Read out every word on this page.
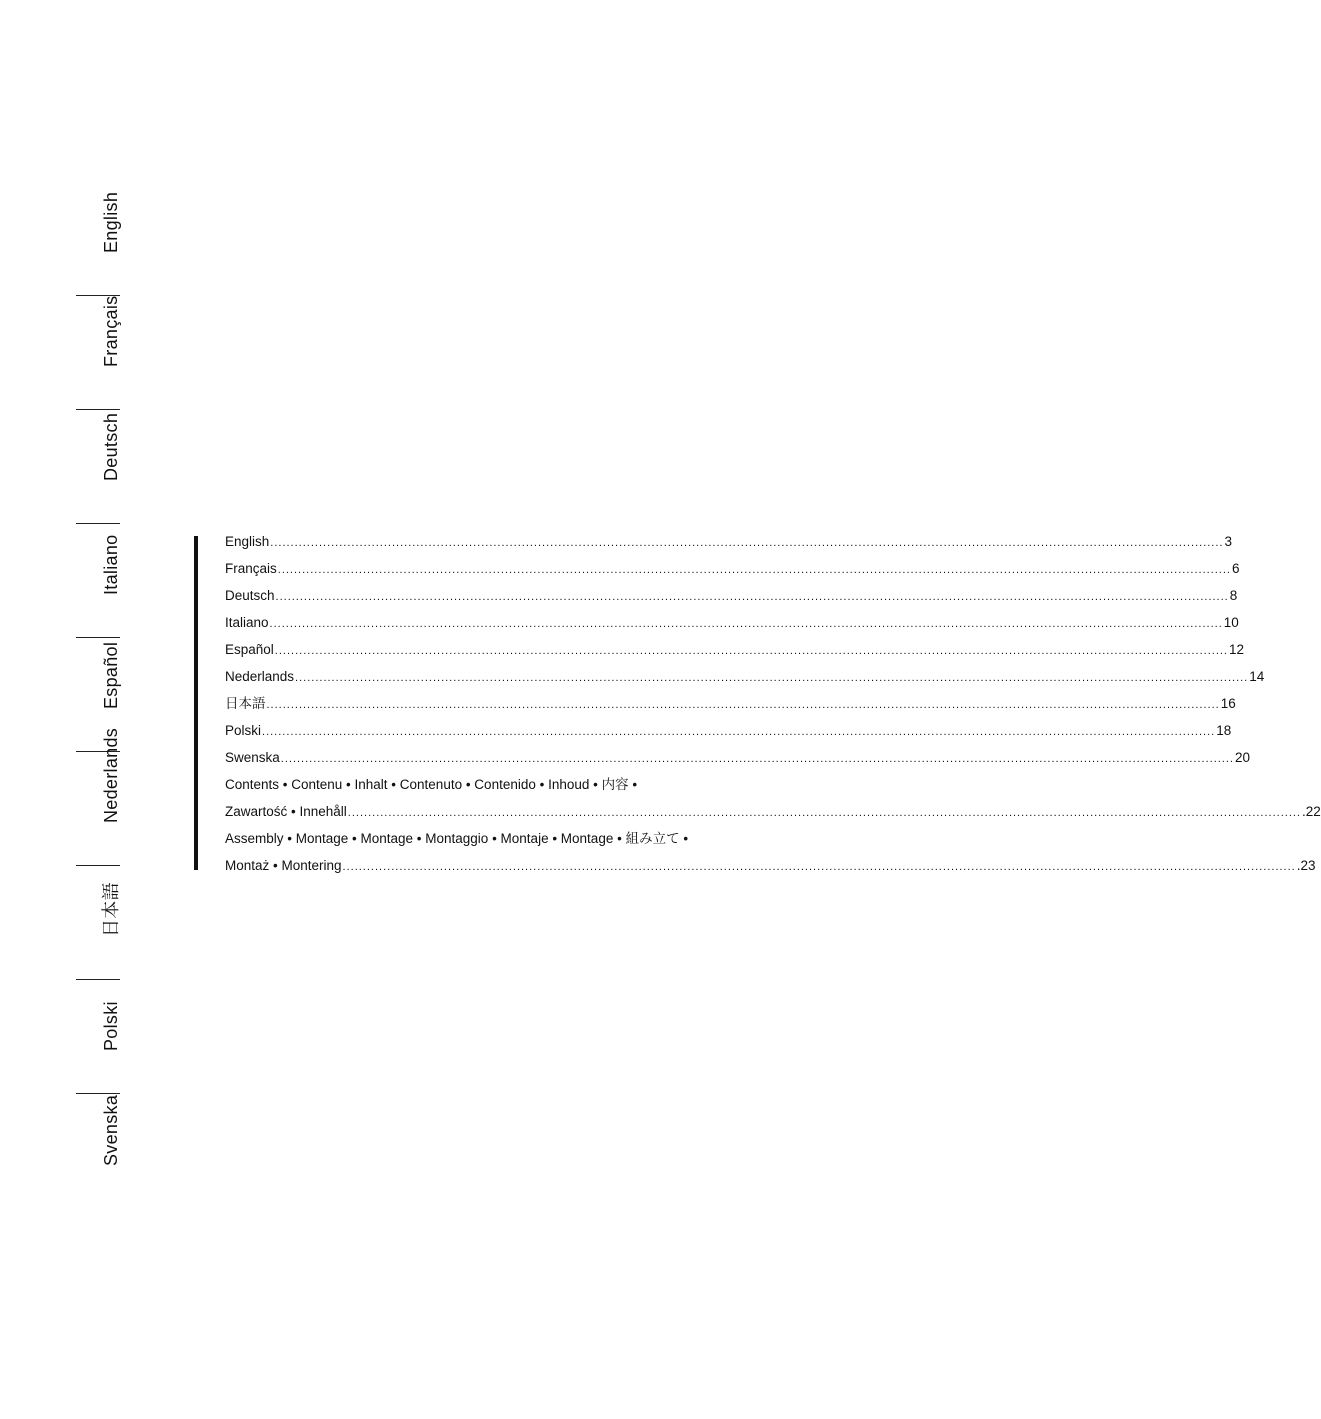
English
Français
Deutsch
Italiano
Español
Nederlands
日本語
Polski
Svenska
English ........................................................................................................................................................................................................................................... 3
Français ........................................................................................................................................................................................................................................... 6
Deutsch ........................................................................................................................................................................................................................................... 8
Italiano ........................................................................................................................................................................................................................................... 10
Español ........................................................................................................................................................................................................................................... 12
Nederlands ........................................................................................................................................................................................................................................... 14
日本語 ........................................................................................................................................................................................................................................... 16
Polski ........................................................................................................................................................................................................................................... 18
Swenska ........................................................................................................................................................................................................................................... 20
Contents • Contenu • Inhalt • Contenuto • Contenido • Inhoud • 内容 •
Zawartość • Innehåll ........................................................................................................................................................................................................................................... .22
Assembly • Montage • Montage • Montaggio • Montaje • Montage • 組み立て •
Montaż • Montering ........................................................................................................................................................................................................................................... .23
